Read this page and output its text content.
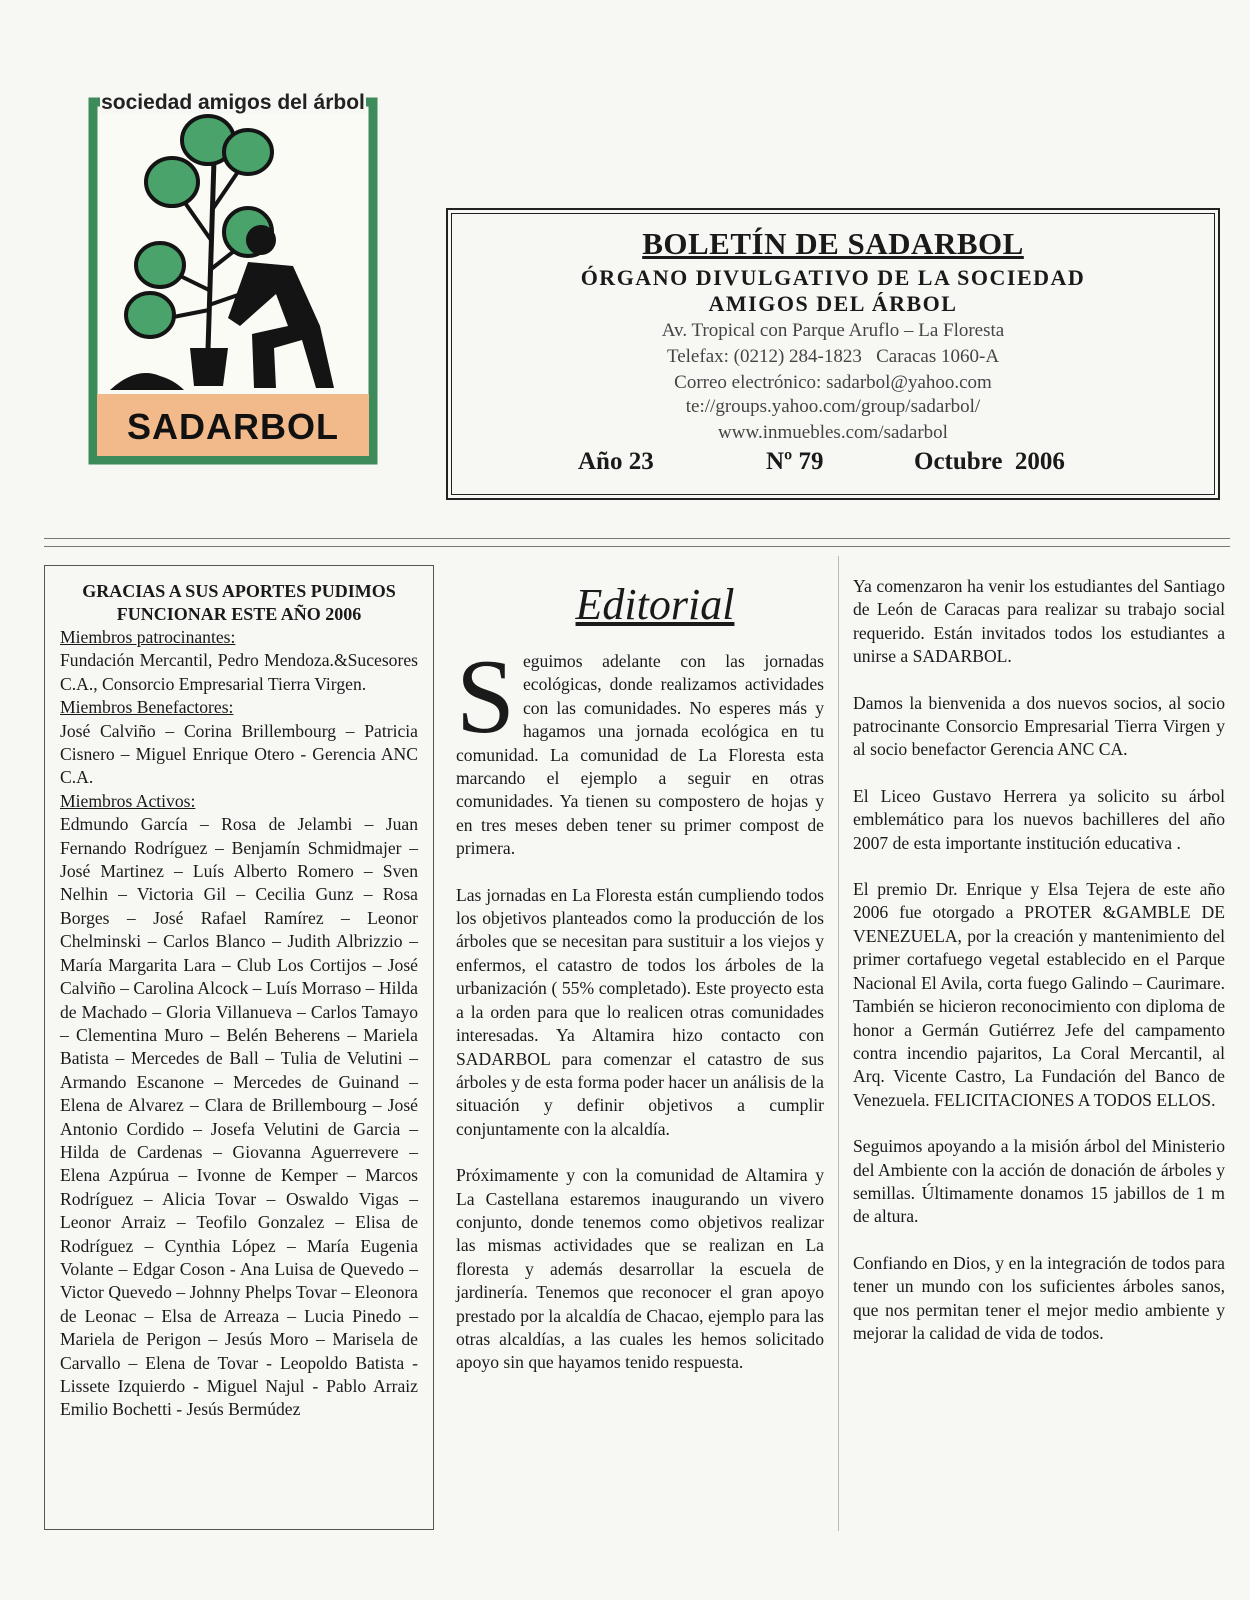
sociedad amigos del árbol
SADARBOL
BOLETÍN DE SADARBOL
ÓRGANO DIVULGATIVO DE LA SOCIEDAD
AMIGOS DEL ÁRBOL
Av. Tropical con Parque Aruflo – La Floresta
Telefax: (0212) 284-1823   Caracas 1060-A
Correo electrónico: sadarbol@yahoo.com
te://groups.yahoo.com/group/sadarbol/
www.inmuebles.com/sadarbol
Año 23	Nº 79	Octubre  2006
GRACIAS A SUS APORTES PUDIMOS FUNCIONAR ESTE AÑO 2006
Miembros patrocinantes:
Fundación Mercantil, Pedro Mendoza.&Sucesores C.A., Consorcio Empresarial Tierra Virgen.
Miembros Benefactores:
José Calviño – Corina Brillembourg – Patricia Cisnero – Miguel Enrique Otero - Gerencia ANC C.A.
Miembros Activos:
Edmundo García – Rosa de Jelambi – Juan Fernando Rodríguez – Benjamín Schmidmajer – José Martinez – Luís Alberto Romero – Sven Nelhin – Victoria Gil – Cecilia Gunz – Rosa Borges – José Rafael Ramírez – Leonor Chelminski – Carlos Blanco – Judith Albrizzio – María Margarita Lara – Club Los Cortijos – José Calviño – Carolina Alcock – Luís Morraso – Hilda de Machado – Gloria Villanueva – Carlos Tamayo – Clementina Muro – Belén Beherens – Mariela Batista – Mercedes de Ball – Tulia de Velutini – Armando Escanone – Mercedes de Guinand – Elena de Alvarez – Clara de Brillembourg – José Antonio Cordido – Josefa Velutini de Garcia – Hilda de Cardenas – Giovanna Aguerrevere – Elena Azpúrua – Ivonne de Kemper – Marcos Rodríguez – Alicia Tovar – Oswaldo Vigas – Leonor Arraiz – Teofilo Gonzalez – Elisa de Rodríguez – Cynthia López – María Eugenia Volante – Edgar Coson - Ana Luisa de Quevedo – Victor Quevedo – Johnny Phelps Tovar – Eleonora de Leonac – Elsa de Arreaza – Lucia Pinedo – Mariela de Perigon – Jesús Moro – Marisela de Carvallo – Elena de Tovar - Leopoldo Batista - Lissete Izquierdo - Miguel Najul - Pablo Arraiz Emilio Bochetti - Jesús Bermúdez
Editorial

Seguimos adelante con las jornadas ecológicas, donde realizamos actividades con las comunidades. No esperes más y hagamos una jornada ecológica en tu comunidad. La comunidad de La Floresta esta marcando el ejemplo a seguir en otras comunidades. Ya tienen su compostero de hojas y en tres meses deben tener su primer compost de primera.

Las jornadas en La Floresta están cumpliendo todos los objetivos planteados como la producción de los árboles que se necesitan para sustituir a los viejos y enfermos, el catastro de todos los árboles de la urbanización ( 55% completado). Este proyecto esta a la orden para que lo realicen otras comunidades interesadas. Ya Altamira hizo contacto con SADARBOL para comenzar el catastro de sus árboles y de esta forma poder hacer un análisis de la situación y definir objetivos a cumplir conjuntamente con la alcaldía.

Próximamente y con la comunidad de Altamira y La Castellana estaremos inaugurando un vivero conjunto, donde tenemos como objetivos realizar las mismas actividades que se realizan en La floresta y además desarrollar la escuela de jardinería. Tenemos que reconocer el gran apoyo prestado por la alcaldía de Chacao, ejemplo para las otras alcaldías, a las cuales les hemos solicitado apoyo sin que hayamos tenido respuesta.

Ya comenzaron ha venir los estudiantes del Santiago de León de Caracas para realizar su trabajo social requerido. Están invitados todos los estudiantes a unirse a SADARBOL.

Damos la bienvenida a dos nuevos socios, al socio patrocinante Consorcio Empresarial Tierra Virgen y al socio benefactor Gerencia ANC CA.

El Liceo Gustavo Herrera ya solicito su árbol emblemático para los nuevos bachilleres del año 2007 de esta importante institución educativa .

El premio Dr. Enrique y Elsa Tejera de este año 2006 fue otorgado a PROTER &GAMBLE DE VENEZUELA, por la creación y mantenimiento del primer cortafuego vegetal establecido en el Parque Nacional El Avila, corta fuego Galindo – Caurimare. También se hicieron reconocimiento con diploma de honor a Germán Gutiérrez Jefe del campamento contra incendio pajaritos, La Coral Mercantil, al Arq. Vicente Castro, La Fundación del Banco de Venezuela. FELICITACIONES A TODOS ELLOS.

Seguimos apoyando a la misión árbol del Ministerio del Ambiente con la acción de donación de árboles y semillas. Últimamente donamos 15 jabillos de 1 m de altura.

Confiando en Dios, y en la integración de todos para tener un mundo con los suficientes árboles sanos, que nos permitan tener el mejor medio ambiente y mejorar la calidad de vida de todos.
